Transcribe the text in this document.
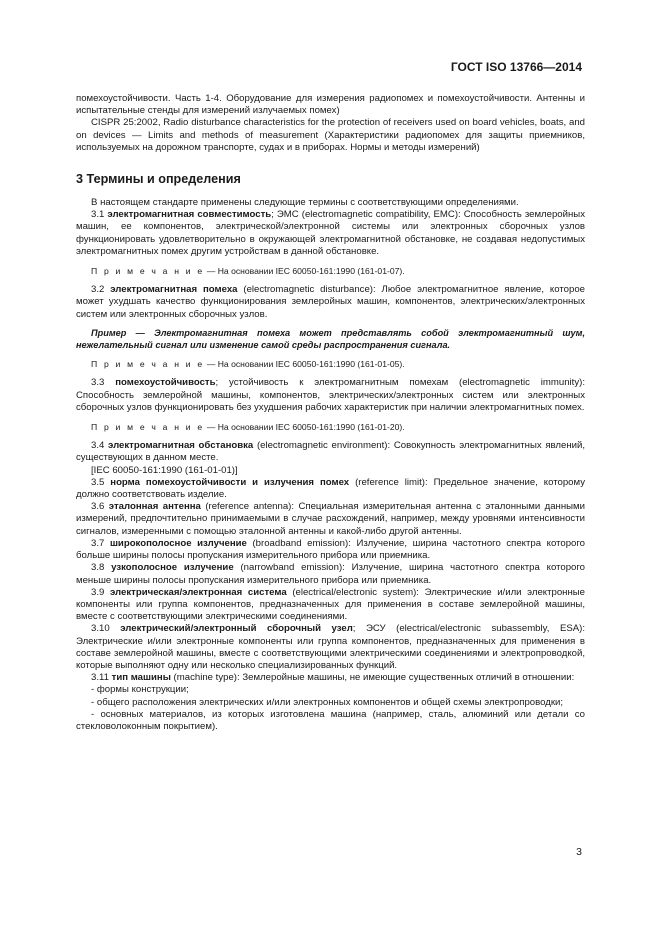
ГОСТ ISO 13766—2014

помехоустойчивости. Часть 1-4. Оборудование для измерения радиопомех и помехоустойчивости. Антенны и испытательные стенды для измерений излучаемых помех)

CISPR 25:2002, Radio disturbance characteristics for the protection of receivers used on board vehicles, boats, and on devices — Limits and methods of measurement (Характеристики радиопомех для защиты приемников, используемых на дорожном транспорте, судах и в приборах. Нормы и методы измерений)

3 Термины и определения

В настоящем стандарте применены следующие термины с соответствующими определениями.

3.1 электромагнитная совместимость; ЭМС (electromagnetic compatibility, EMC): Способность землеройных машин, ее компонентов, электрической/электронной системы или электронных сборочных узлов функционировать удовлетворительно в окружающей электромагнитной обстановке, не создавая недопустимых электромагнитных помех другим устройствам в данной обстановке.

П р и м е ч а н и е — На основании IEC 60050-161:1990 (161-01-07).

3.2 электромагнитная помеха (electromagnetic disturbance): Любое электромагнитное явление, которое может ухудшать качество функционирования землеройных машин, компонентов, электрических/электронных систем или электронных сборочных узлов.

Пример — Электромагнитная помеха может представлять собой электромагнитный шум, нежелательный сигнал или изменение самой среды распространения сигнала.

П р и м е ч а н и е — На основании IEC 60050-161:1990 (161-01-05).

3.3 помехоустойчивость; устойчивость к электромагнитным помехам (electromagnetic immunity): Способность землеройной машины, компонентов, электрических/электронных систем или электронных сборочных узлов функционировать без ухудшения рабочих характеристик при наличии электромагнитных помех.

П р и м е ч а н и е — На основании IEC 60050-161:1990 (161-01-20).

3.4 электромагнитная обстановка (electromagnetic environment): Совокупность электромагнитных явлений, существующих в данном месте.

[IEC 60050-161:1990 (161-01-01)]

3.5 норма помехоустойчивости и излучения помех (reference limit): Предельное значение, которому должно соответствовать изделие.

3.6 эталонная антенна (reference antenna): Специальная измерительная антенна с эталонными данными измерений, предпочтительно принимаемыми в случае расхождений, например, между уровнями интенсивности сигналов, измеренными с помощью эталонной антенны и какой-либо другой антенны.

3.7 широкополосное излучение (broadband emission): Излучение, ширина частотного спектра которого больше ширины полосы пропускания измерительного прибора или приемника.

3.8 узкополосное излучение (narrowband emission): Излучение, ширина частотного спектра которого меньше ширины полосы пропускания измерительного прибора или приемника.

3.9 электрическая/электронная система (electrical/electronic system): Электрические и/или электронные компоненты или группа компонентов, предназначенных для применения в составе землеройной машины, вместе с соответствующими электрическими соединениями.

3.10 электрический/электронный сборочный узел; ЭСУ (electrical/electronic subassembly, ESA): Электрические и/или электронные компоненты или группа компонентов, предназначенных для применения в составе землеройной машины, вместе с соответствующими электрическими соединениями и электропроводкой, которые выполняют одну или несколько специализированных функций.

3.11 тип машины (machine type): Землеройные машины, не имеющие существенных отличий в отношении:

- формы конструкции;

- общего расположения электрических и/или электронных компонентов и общей схемы электропроводки;

- основных материалов, из которых изготовлена машина (например, сталь, алюминий или детали со стекловолоконным покрытием).

3
